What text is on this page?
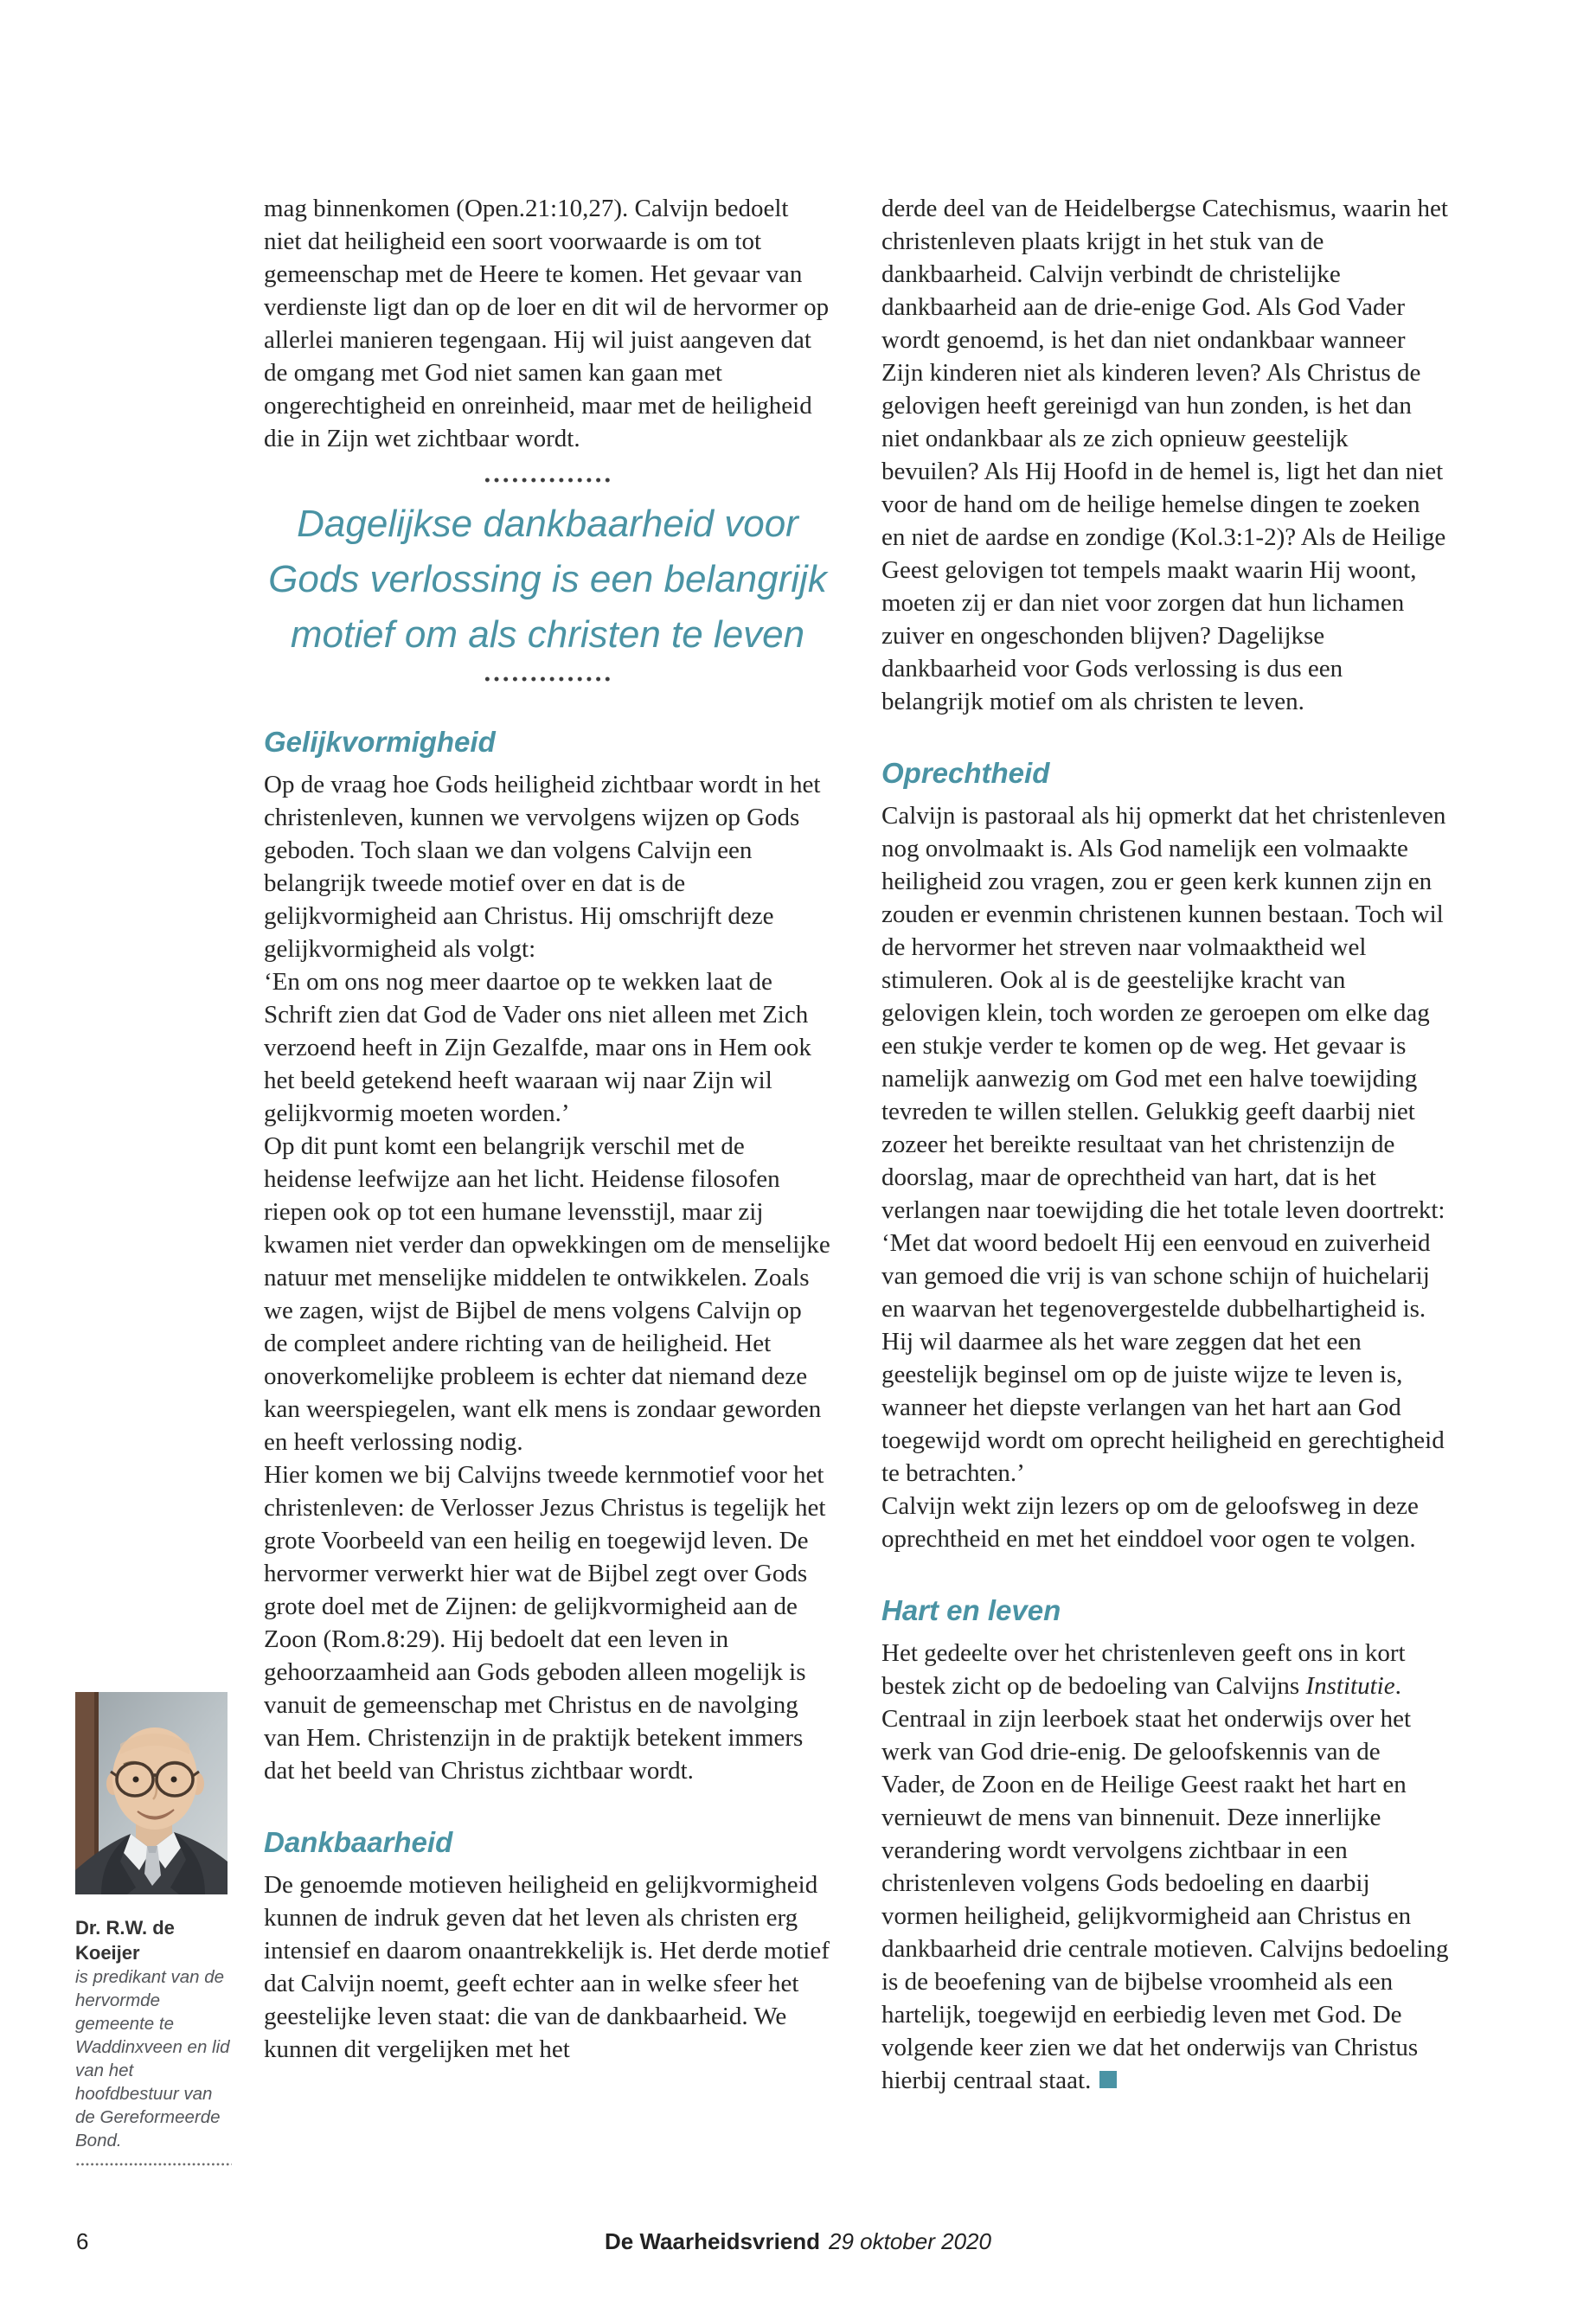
mag binnenkomen (Open.21:10,27). Calvijn bedoelt niet dat heiligheid een soort voorwaarde is om tot gemeenschap met de Heere te komen. Het gevaar van verdienste ligt dan op de loer en dit wil de hervormer op allerlei manieren tegengaan. Hij wil juist aangeven dat de omgang met God niet samen kan gaan met ongerechtigheid en onreinheid, maar met de heiligheid die in Zijn wet zichtbaar wordt.

Dagelijkse dankbaarheid voor
Gods verlossing is een belangrijk
motief om als christen te leven
Gelijkvormigheid

Op de vraag hoe Gods heiligheid zichtbaar wordt in het christenleven, kunnen we vervolgens wijzen op Gods geboden. Toch slaan we dan volgens Calvijn een belangrijk tweede motief over en dat is de gelijkvormigheid aan Christus. Hij omschrijft deze gelijkvormigheid als volgt:

‘En om ons nog meer daartoe op te wekken laat de Schrift zien dat God de Vader ons niet alleen met Zich verzoend heeft in Zijn Gezalfde, maar ons in Hem ook het beeld getekend heeft waaraan wij naar Zijn wil gelijkvormig moeten worden.’

Op dit punt komt een belangrijk verschil met de heidense leefwijze aan het licht. Heidense filosofen riepen ook op tot een humane levensstijl, maar zij kwamen niet verder dan opwekkingen om de menselijke natuur met menselijke middelen te ontwikkelen. Zoals we zagen, wijst de Bijbel de mens volgens Calvijn op de compleet andere richting van de heiligheid. Het onoverkomelijke probleem is echter dat niemand deze kan weerspiegelen, want elk mens is zondaar geworden en heeft verlossing nodig.

Hier komen we bij Calvijns tweede kernmotief voor het christenleven: de Verlosser Jezus Christus is tegelijk het grote Voorbeeld van een heilig en toegewijd leven. De hervormer verwerkt hier wat de Bijbel zegt over Gods grote doel met de Zijnen: de gelijkvormigheid aan de Zoon (Rom.8:29). Hij bedoelt dat een leven in gehoorzaamheid aan Gods geboden alleen mogelijk is vanuit de gemeenschap met Christus en de navolging van Hem. Christenzijn in de praktijk betekent immers dat het beeld van Christus zichtbaar wordt.

Dankbaarheid

De genoemde motieven heiligheid en gelijkvormigheid kunnen de indruk geven dat het leven als christen erg intensief en daarom onaantrekkelijk is. Het derde motief dat Calvijn noemt, geeft echter aan in welke sfeer het geestelijke leven staat: die van de dankbaarheid. We kunnen dit vergelijken met het

derde deel van de Heidelbergse Catechismus, waarin het christenleven plaats krijgt in het stuk van de dankbaarheid. Calvijn verbindt de christelijke dankbaarheid aan de drie-enige God. Als God Vader wordt genoemd, is het dan niet ondankbaar wanneer Zijn kinderen niet als kinderen leven? Als Christus de gelovigen heeft gereinigd van hun zonden, is het dan niet ondankbaar als ze zich opnieuw geestelijk bevuilen? Als Hij Hoofd in de hemel is, ligt het dan niet voor de hand om de heilige hemelse dingen te zoeken en niet de aardse en zondige (Kol.3:1-2)? Als de Heilige Geest gelovigen tot tempels maakt waarin Hij woont, moeten zij er dan niet voor zorgen dat hun lichamen zuiver en ongeschonden blijven? Dagelijkse dankbaarheid voor Gods verlossing is dus een belangrijk motief om als christen te leven.

Oprechtheid

Calvijn is pastoraal als hij opmerkt dat het christenleven nog onvolmaakt is. Als God namelijk een volmaakte heiligheid zou vragen, zou er geen kerk kunnen zijn en zouden er evenmin christenen kunnen bestaan. Toch wil de hervormer het streven naar volmaaktheid wel stimuleren. Ook al is de geestelijke kracht van gelovigen klein, toch worden ze geroepen om elke dag een stukje verder te komen op de weg. Het gevaar is namelijk aanwezig om God met een halve toewijding tevreden te willen stellen. Gelukkig geeft daarbij niet zozeer het bereikte resultaat van het christenzijn de doorslag, maar de oprechtheid van hart, dat is het verlangen naar toewijding die het totale leven doortrekt:

‘Met dat woord bedoelt Hij een eenvoud en zuiverheid van gemoed die vrij is van schone schijn of huichelarij en waarvan het tegenovergestelde dubbelhartigheid is. Hij wil daarmee als het ware zeggen dat het een geestelijk beginsel om op de juiste wijze te leven is, wanneer het diepste verlangen van het hart aan God toegewijd wordt om oprecht heiligheid en gerechtigheid te betrachten.’

Calvijn wekt zijn lezers op om de geloofsweg in deze oprechtheid en met het einddoel voor ogen te volgen.

Hart en leven

Het gedeelte over het christenleven geeft ons in kort bestek zicht op de bedoeling van Calvijns Institutie. Centraal in zijn leerboek staat het onderwijs over het werk van God drie-enig. De geloofskennis van de Vader, de Zoon en de Heilige Geest raakt het hart en vernieuwt de mens van binnenuit. Deze innerlijke verandering wordt vervolgens zichtbaar in een christenleven volgens Gods bedoeling en daarbij vormen heiligheid, gelijkvormigheid aan Christus en dankbaarheid drie centrale motieven. Calvijns bedoeling is de beoefening van de bijbelse vroomheid als een hartelijk, toegewijd en eerbiedig leven met God. De volgende keer zien we dat het onderwijs van Christus hierbij centraal staat.

Dr. R.W. de Koeijer
is predikant van de hervormde gemeente te Waddinxveen en lid van het hoofdbestuur van de Gereformeerde Bond.
6	De Waarheidsvriend 29 oktober 2020
